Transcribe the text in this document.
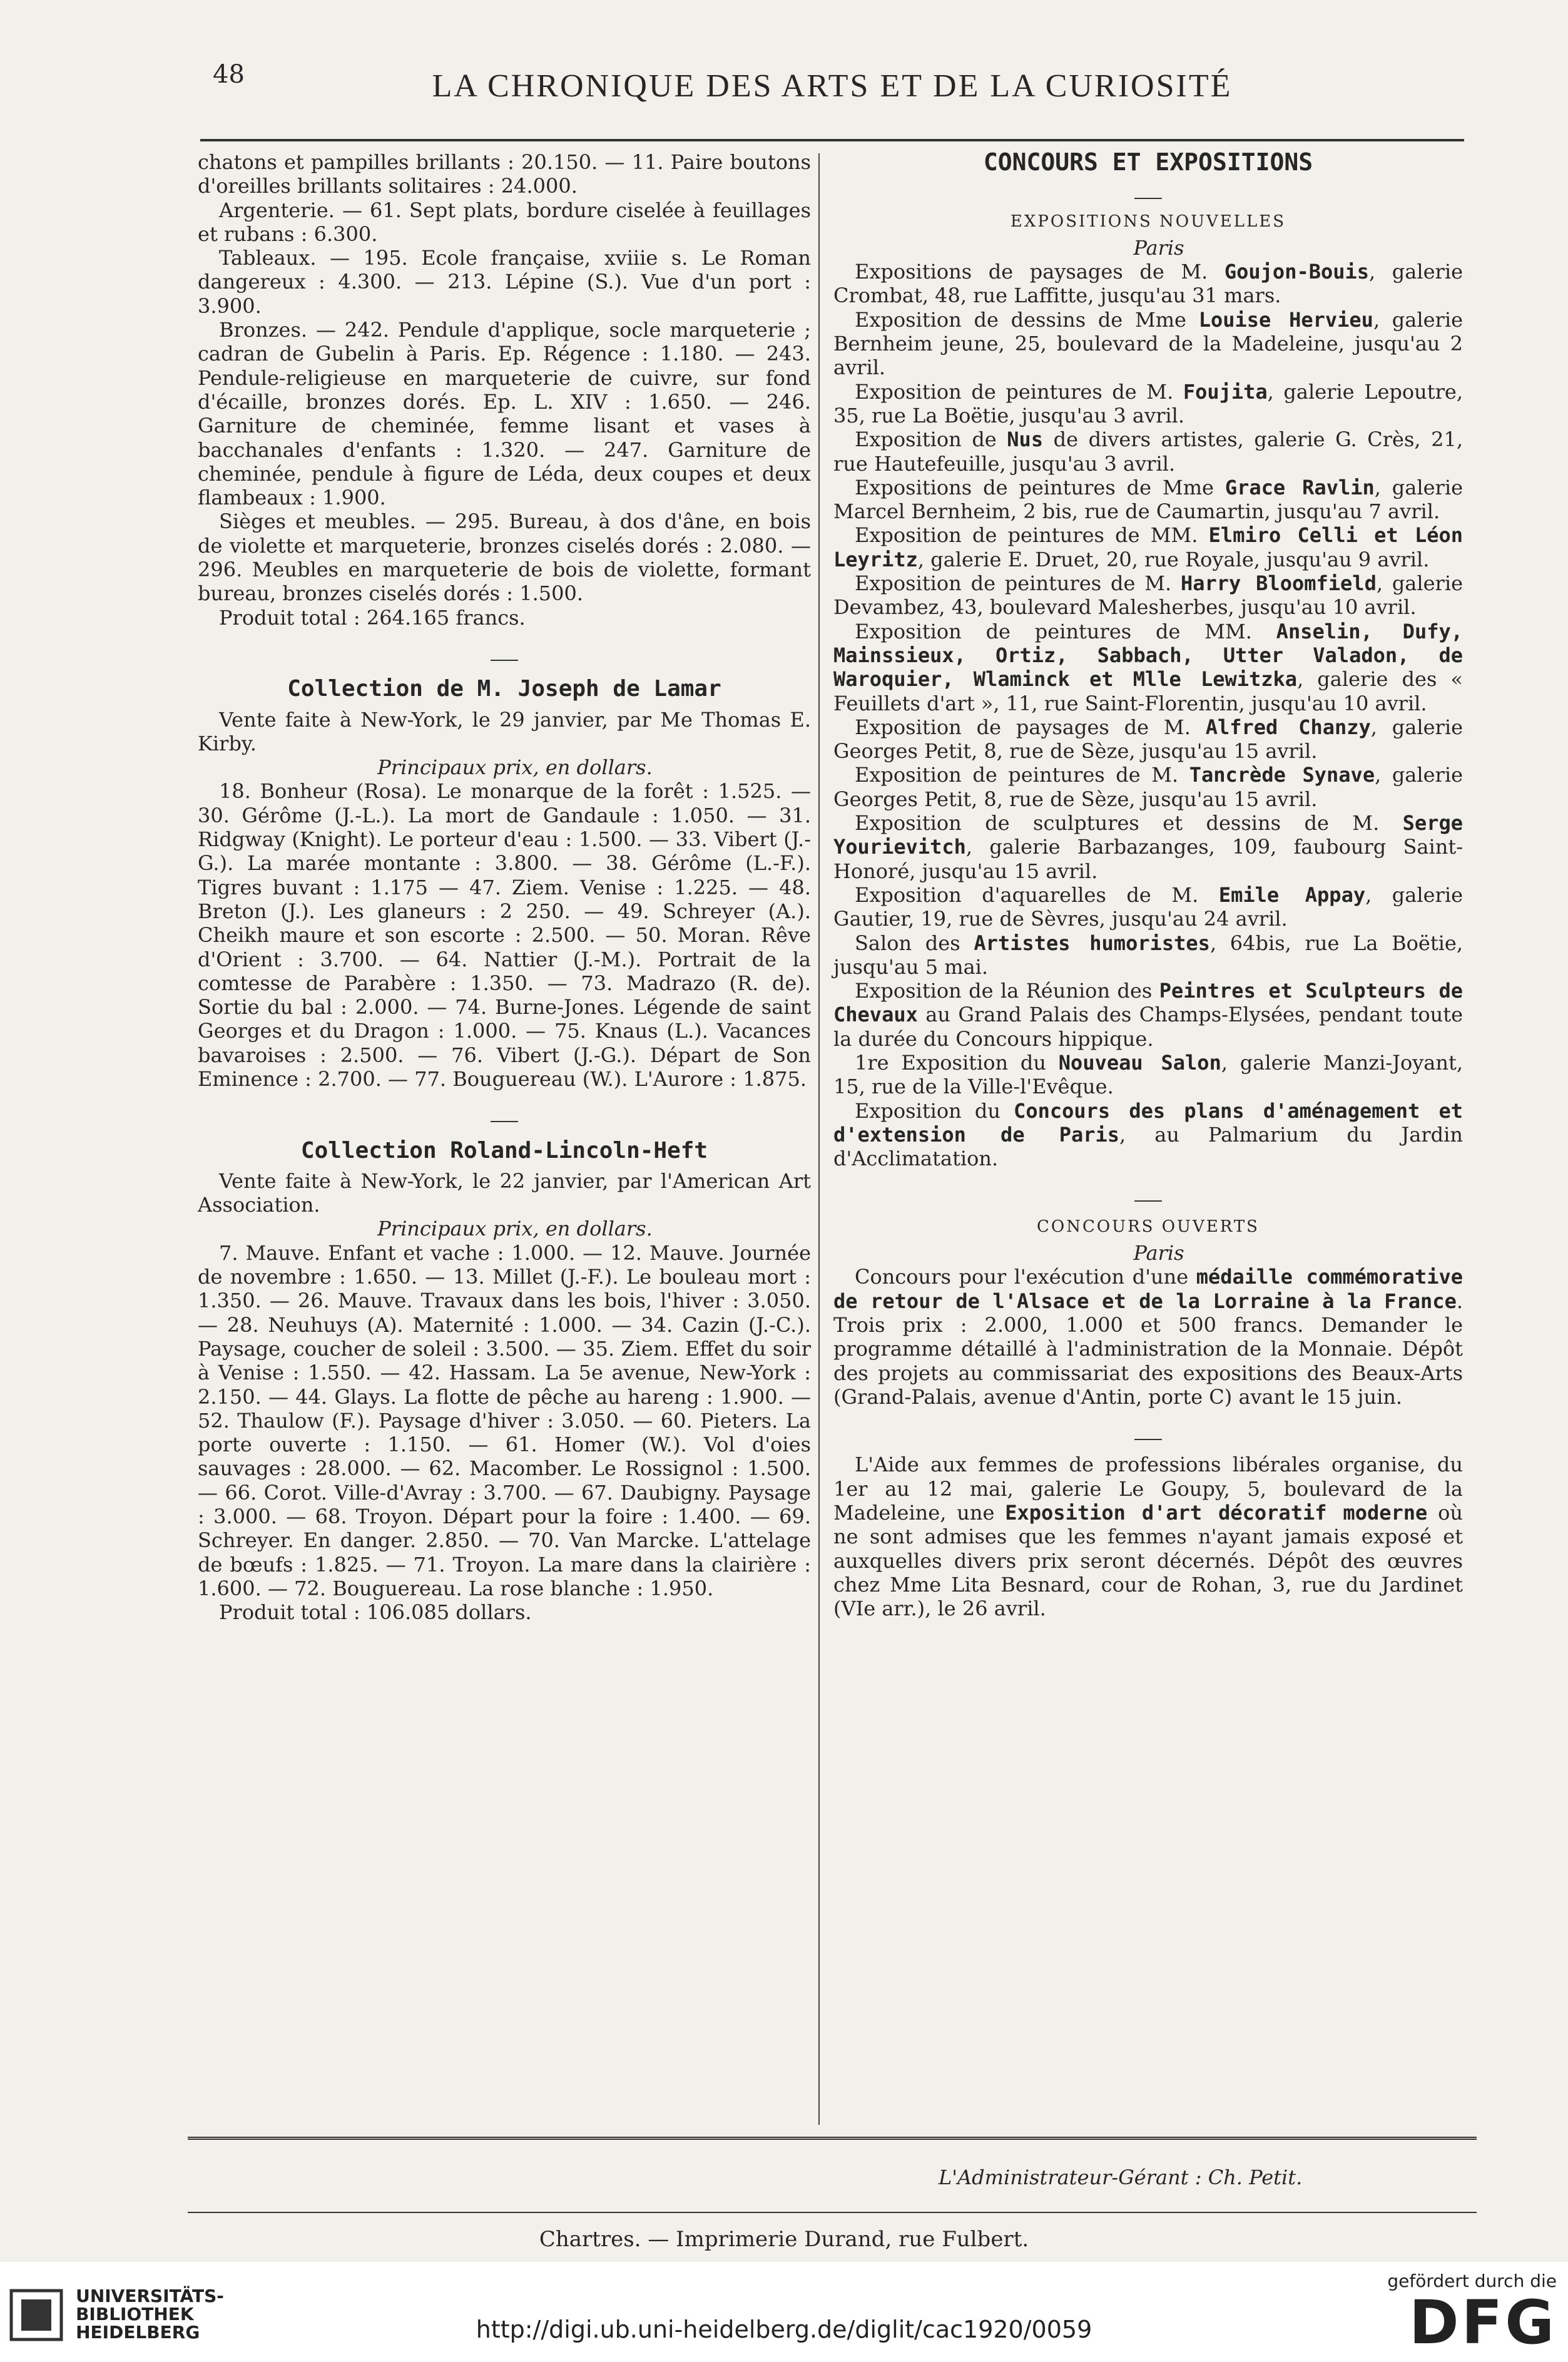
48	LA CHRONIQUE DES ARTS ET DE LA CURIOSITÉ

chatons et pampilles brillants : 20.150. — 11. Paire boutons d'oreilles brillants solitaires : 24.000.

Argenterie. — 61. Sept plats, bordure ciselée à feuillages et rubans : 6.300.

Tableaux. — 195. Ecole française, xviiie s. Le Roman dangereux : 4.300. — 213. Lépine (S.). Vue d'un port : 3.900.

Bronzes. — 242. Pendule d'applique, socle marqueterie ; cadran de Gubelin à Paris. Ep. Régence : 1.180. — 243. Pendule-religieuse en marqueterie de cuivre, sur fond d'écaille, bronzes dorés. Ep. L. XIV : 1.650. — 246. Garniture de cheminée, femme lisant et vases à bacchanales d'enfants : 1.320. — 247. Garniture de cheminée, pendule à figure de Léda, deux coupes et deux flambeaux : 1.900.

Sièges et meubles. — 295. Bureau, à dos d'âne, en bois de violette et marqueterie, bronzes ciselés dorés : 2.080. — 296. Meubles en marqueterie de bois de violette, formant bureau, bronzes ciselés dorés : 1.500.

Produit total : 264.165 francs.

Collection de M. Joseph de Lamar

Vente faite à New-York, le 29 janvier, par Me Thomas E. Kirby.

Principaux prix, en dollars.

18. Bonheur (Rosa). Le monarque de la forêt : 1.525. — 30. Gérôme (J.-L.). La mort de Gandaule : 1.050. — 31. Ridgway (Knight). Le porteur d'eau : 1.500. — 33. Vibert (J.-G.). La marée montante : 3.800. — 38. Gérôme (L.-F.). Tigres buvant : 1.175 — 47. Ziem. Venise : 1.225. — 48. Breton (J.). Les glaneurs : 2 250. — 49. Schreyer (A.). Cheikh maure et son escorte : 2.500. — 50. Moran. Rêve d'Orient : 3.700. — 64. Nattier (J.-M.). Portrait de la comtesse de Parabère : 1.350. — 73. Madrazo (R. de). Sortie du bal : 2.000. — 74. Burne-Jones. Légende de saint Georges et du Dragon : 1.000. — 75. Knaus (L.). Vacances bavaroises : 2.500. — 76. Vibert (J.-G.). Départ de Son Eminence : 2.700. — 77. Bouguereau (W.). L'Aurore : 1.875.

Collection Roland-Lincoln-Heft

Vente faite à New-York, le 22 janvier, par l'American Art Association.

Principaux prix, en dollars.

7. Mauve. Enfant et vache : 1.000. — 12. Mauve. Journée de novembre : 1.650. — 13. Millet (J.-F.). Le bouleau mort : 1.350. — 26. Mauve. Travaux dans les bois, l'hiver : 3.050. — 28. Neuhuys (A). Maternité : 1.000. — 34. Cazin (J.-C.). Paysage, coucher de soleil : 3.500. — 35. Ziem. Effet du soir à Venise : 1.550. — 42. Hassam. La 5e avenue, New-York : 2.150. — 44. Glays. La flotte de pêche au hareng : 1.900. — 52. Thaulow (F.). Paysage d'hiver : 3.050. — 60. Pieters. La porte ouverte : 1.150. — 61. Homer (W.). Vol d'oies sauvages : 28.000. — 62. Macomber. Le Rossignol : 1.500. — 66. Corot. Ville-d'Avray : 3.700. — 67. Daubigny. Paysage : 3.000. — 68. Troyon. Départ pour la foire : 1.400. — 69. Schreyer. En danger. 2.850. — 70. Van Marcke. L'attelage de bœufs : 1.825. — 71. Troyon. La mare dans la clairière : 1.600. — 72. Bouguereau. La rose blanche : 1.950.

Produit total : 106.085 dollars.

CONCOURS ET EXPOSITIONS
EXPOSITIONS NOUVELLES

Paris

Expositions de paysages de M. Goujon-Bouis, galerie Crombat, 48, rue Laffitte, jusqu'au 31 mars.

Exposition de dessins de Mme Louise Hervieu, galerie Bernheim jeune, 25, boulevard de la Madeleine, jusqu'au 2 avril.

Exposition de peintures de M. Foujita, galerie Lepoutre, 35, rue La Boëtie, jusqu'au 3 avril.

Exposition de Nus de divers artistes, galerie G. Crès, 21, rue Hautefeuille, jusqu'au 3 avril.

Expositions de peintures de Mme Grace Ravlin, galerie Marcel Bernheim, 2 bis, rue de Caumartin, jusqu'au 7 avril.

Exposition de peintures de MM. Elmiro Celli et Léon Leyritz, galerie E. Druet, 20, rue Royale, jusqu'au 9 avril.

Exposition de peintures de M. Harry Bloomfield, galerie Devambez, 43, boulevard Malesherbes, jusqu'au 10 avril.

Exposition de peintures de MM. Anselin, Dufy, Mainssieux, Ortiz, Sabbach, Utter Valadon, de Waroquier, Wlaminck et Mlle Lewitzka, galerie des « Feuillets d'art », 11, rue Saint-Florentin, jusqu'au 10 avril.

Exposition de paysages de M. Alfred Chanzy, galerie Georges Petit, 8, rue de Sèze, jusqu'au 15 avril.

Exposition de peintures de M. Tancrède Synave, galerie Georges Petit, 8, rue de Sèze, jusqu'au 15 avril.

Exposition de sculptures et dessins de M. Serge Yourievitch, galerie Barbazanges, 109, faubourg Saint-Honoré, jusqu'au 15 avril.

Exposition d'aquarelles de M. Emile Appay, galerie Gautier, 19, rue de Sèvres, jusqu'au 24 avril.

Salon des Artistes humoristes, 64bis, rue La Boëtie, jusqu'au 5 mai.

Exposition de la Réunion des Peintres et Sculpteurs de Chevaux au Grand Palais des Champs-Elysées, pendant toute la durée du Concours hippique.

1re Exposition du Nouveau Salon, galerie Manzi-Joyant, 15, rue de la Ville-l'Evêque.

Exposition du Concours des plans d'aménagement et d'extension de Paris, au Palmarium du Jardin d'Acclimatation.

CONCOURS OUVERTS

Paris

Concours pour l'exécution d'une médaille commémorative de retour de l'Alsace et de la Lorraine à la France. Trois prix : 2.000, 1.000 et 500 francs. Demander le programme détaillé à l'administration de la Monnaie. Dépôt des projets au commissariat des expositions des Beaux-Arts (Grand-Palais, avenue d'Antin, porte C) avant le 15 juin.

L'Aide aux femmes de professions libérales organise, du 1er au 12 mai, galerie Le Goupy, 5, boulevard de la Madeleine, une Exposition d'art décoratif moderne où ne sont admises que les femmes n'ayant jamais exposé et auxquelles divers prix seront décernés. Dépôt des œuvres chez Mme Lita Besnard, cour de Rohan, 3, rue du Jardinet (VIe arr.), le 26 avril.

L'Administrateur-Gérant : Ch. Petit.
Chartres. — Imprimerie Durand, rue Fulbert.
UNIVERSITÄTS-
BIBLIOTHEK
HEIDELBERG	http://digi.ub.uni-heidelberg.de/diglit/cac1920/0059
gefördert durch die
DFG
